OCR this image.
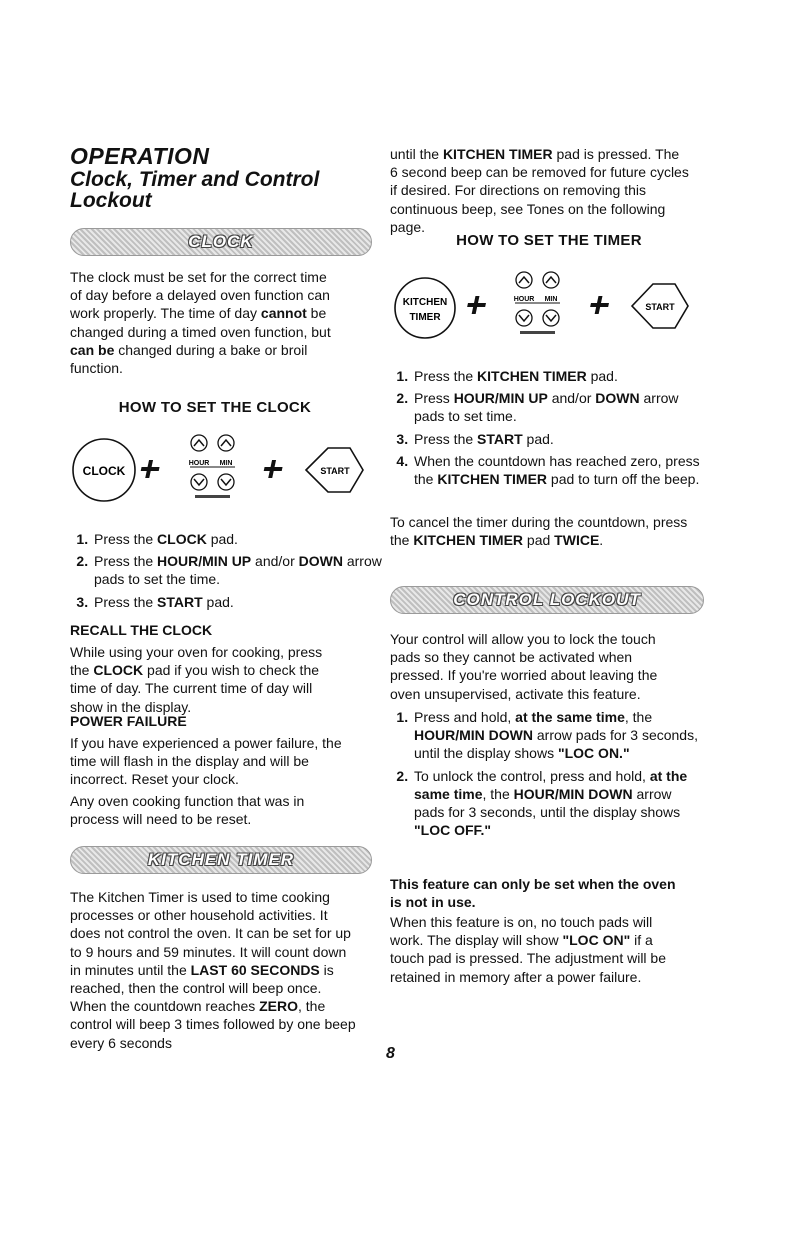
OPERATION
Clock, Timer and Control
Lockout
CLOCK

The clock must be set for the correct time of day before a delayed oven function can work properly. The time of day cannot be changed during a timed oven function, but can be changed during a bake or broil function.

HOW TO SET THE CLOCK
CLOCK
HOUR MIN
START
1. Press the CLOCK pad.
2. Press the HOUR/MIN UP and/or DOWN arrow pads to set the time.
3. Press the START pad.
RECALL THE CLOCK

While using your oven for cooking, press the CLOCK pad if you wish to check the time of day. The current time of day will show in the display.

POWER FAILURE

If you have experienced a power failure, the time will flash in the display and will be incorrect. Reset your clock.

Any oven cooking function that was in process will need to be reset.

KITCHEN TIMER

The Kitchen Timer is used to time cooking processes or other household activities. It does not control the oven. It can be set for up to 9 hours and 59 minutes. It will count down in minutes until the LAST 60 SECONDS is reached, then the control will beep once. When the countdown reaches ZERO, the control will beep 3 times followed by one beep every 6 seconds

until the KITCHEN TIMER pad is pressed. The 6 second beep can be removed for future cycles if desired. For directions on removing this continuous beep, see Tones on the following page.

HOW TO SET THE TIMER
KITCHEN
TIMER
HOUR MIN
START
1. Press the KITCHEN TIMER pad.
2. Press HOUR/MIN UP and/or DOWN arrow pads to set time.
3. Press the START pad.
4. When the countdown has reached zero, press the KITCHEN TIMER pad to turn off the beep.

To cancel the timer during the countdown, press the KITCHEN TIMER pad TWICE.

CONTROL LOCKOUT

Your control will allow you to lock the touch pads so they cannot be activated when pressed. If you're worried about leaving the oven unsupervised, activate this feature.

1. Press and hold, at the same time, the HOUR/MIN DOWN arrow pads for 3 seconds, until the display shows "LOC ON."
2. To unlock the control, press and hold, at the same time, the HOUR/MIN DOWN arrow pads for 3 seconds, until the display shows "LOC OFF."

This feature can only be set when the oven is not in use.

When this feature is on, no touch pads will work. The display will show "LOC ON" if a touch pad is pressed. The adjustment will be retained in memory after a power failure.

8
